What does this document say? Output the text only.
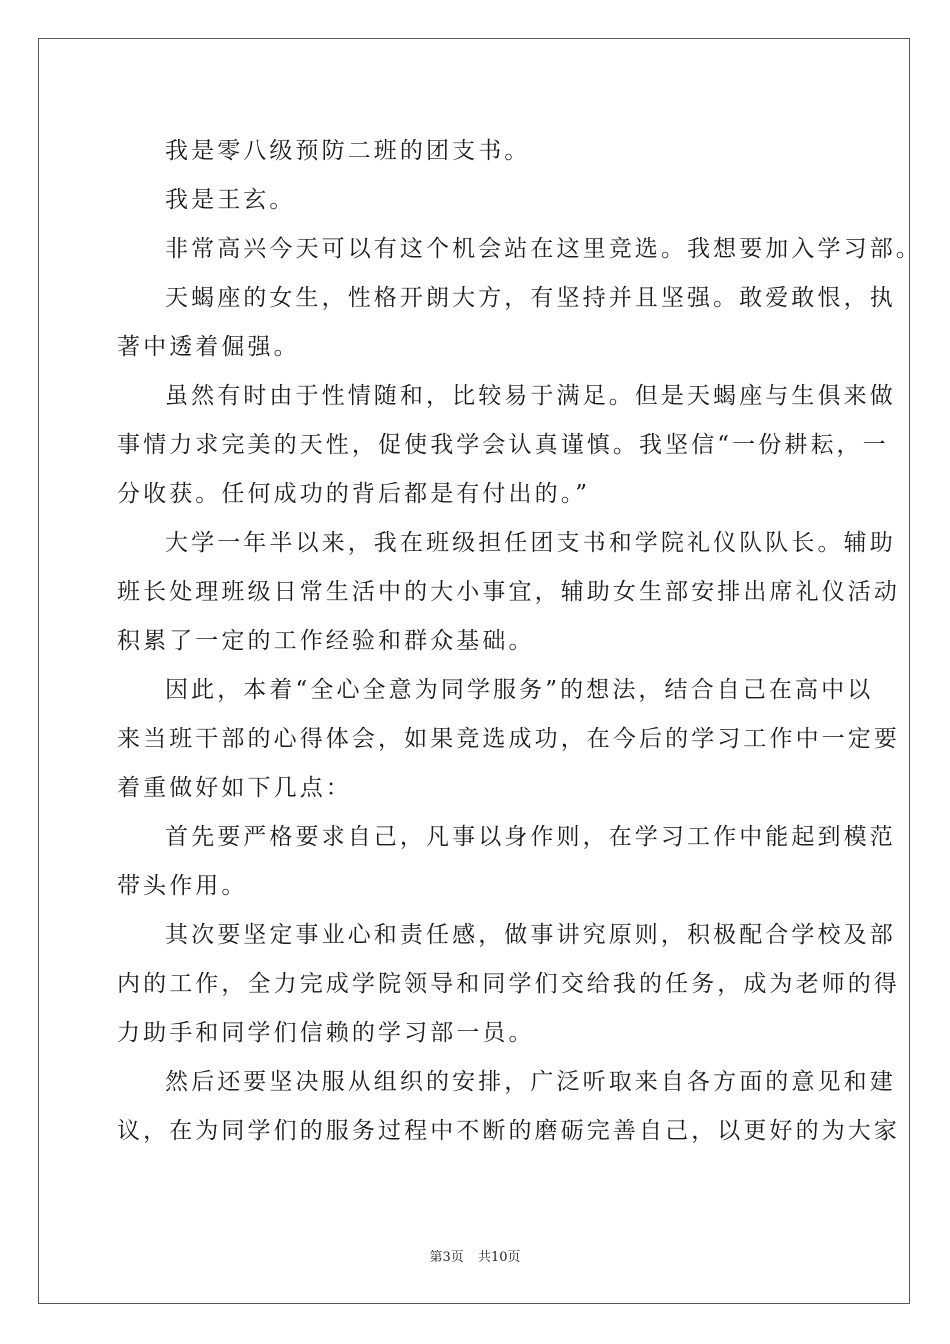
我是零八级预防二班的团支书。
我是王玄。
非常高兴今天可以有这个机会站在这里竞选。我想要加入学习部。
天蝎座的女生，性格开朗大方，有坚持并且坚强。敢爱敢恨，执
著中透着倔强。
虽然有时由于性情随和，比较易于满足。但是天蝎座与生俱来做
事情力求完美的天性，促使我学会认真谨慎。我坚信“一份耕耘，一
分收获。任何成功的背后都是有付出的。”
大学一年半以来，我在班级担任团支书和学院礼仪队队长。辅助
班长处理班级日常生活中的大小事宜，辅助女生部安排出席礼仪活动
积累了一定的工作经验和群众基础。
因此，本着“全心全意为同学服务”的想法，结合自己在高中以
来当班干部的心得体会，如果竞选成功，在今后的学习工作中一定要
着重做好如下几点：
首先要严格要求自己，凡事以身作则，在学习工作中能起到模范
带头作用。
其次要坚定事业心和责任感，做事讲究原则，积极配合学校及部
内的工作，全力完成学院领导和同学们交给我的任务，成为老师的得
力助手和同学们信赖的学习部一员。
然后还要坚决服从组织的安排，广泛听取来自各方面的意见和建
议，在为同学们的服务过程中不断的磨砺完善自己，以更好的为大家
第3页 共10页
